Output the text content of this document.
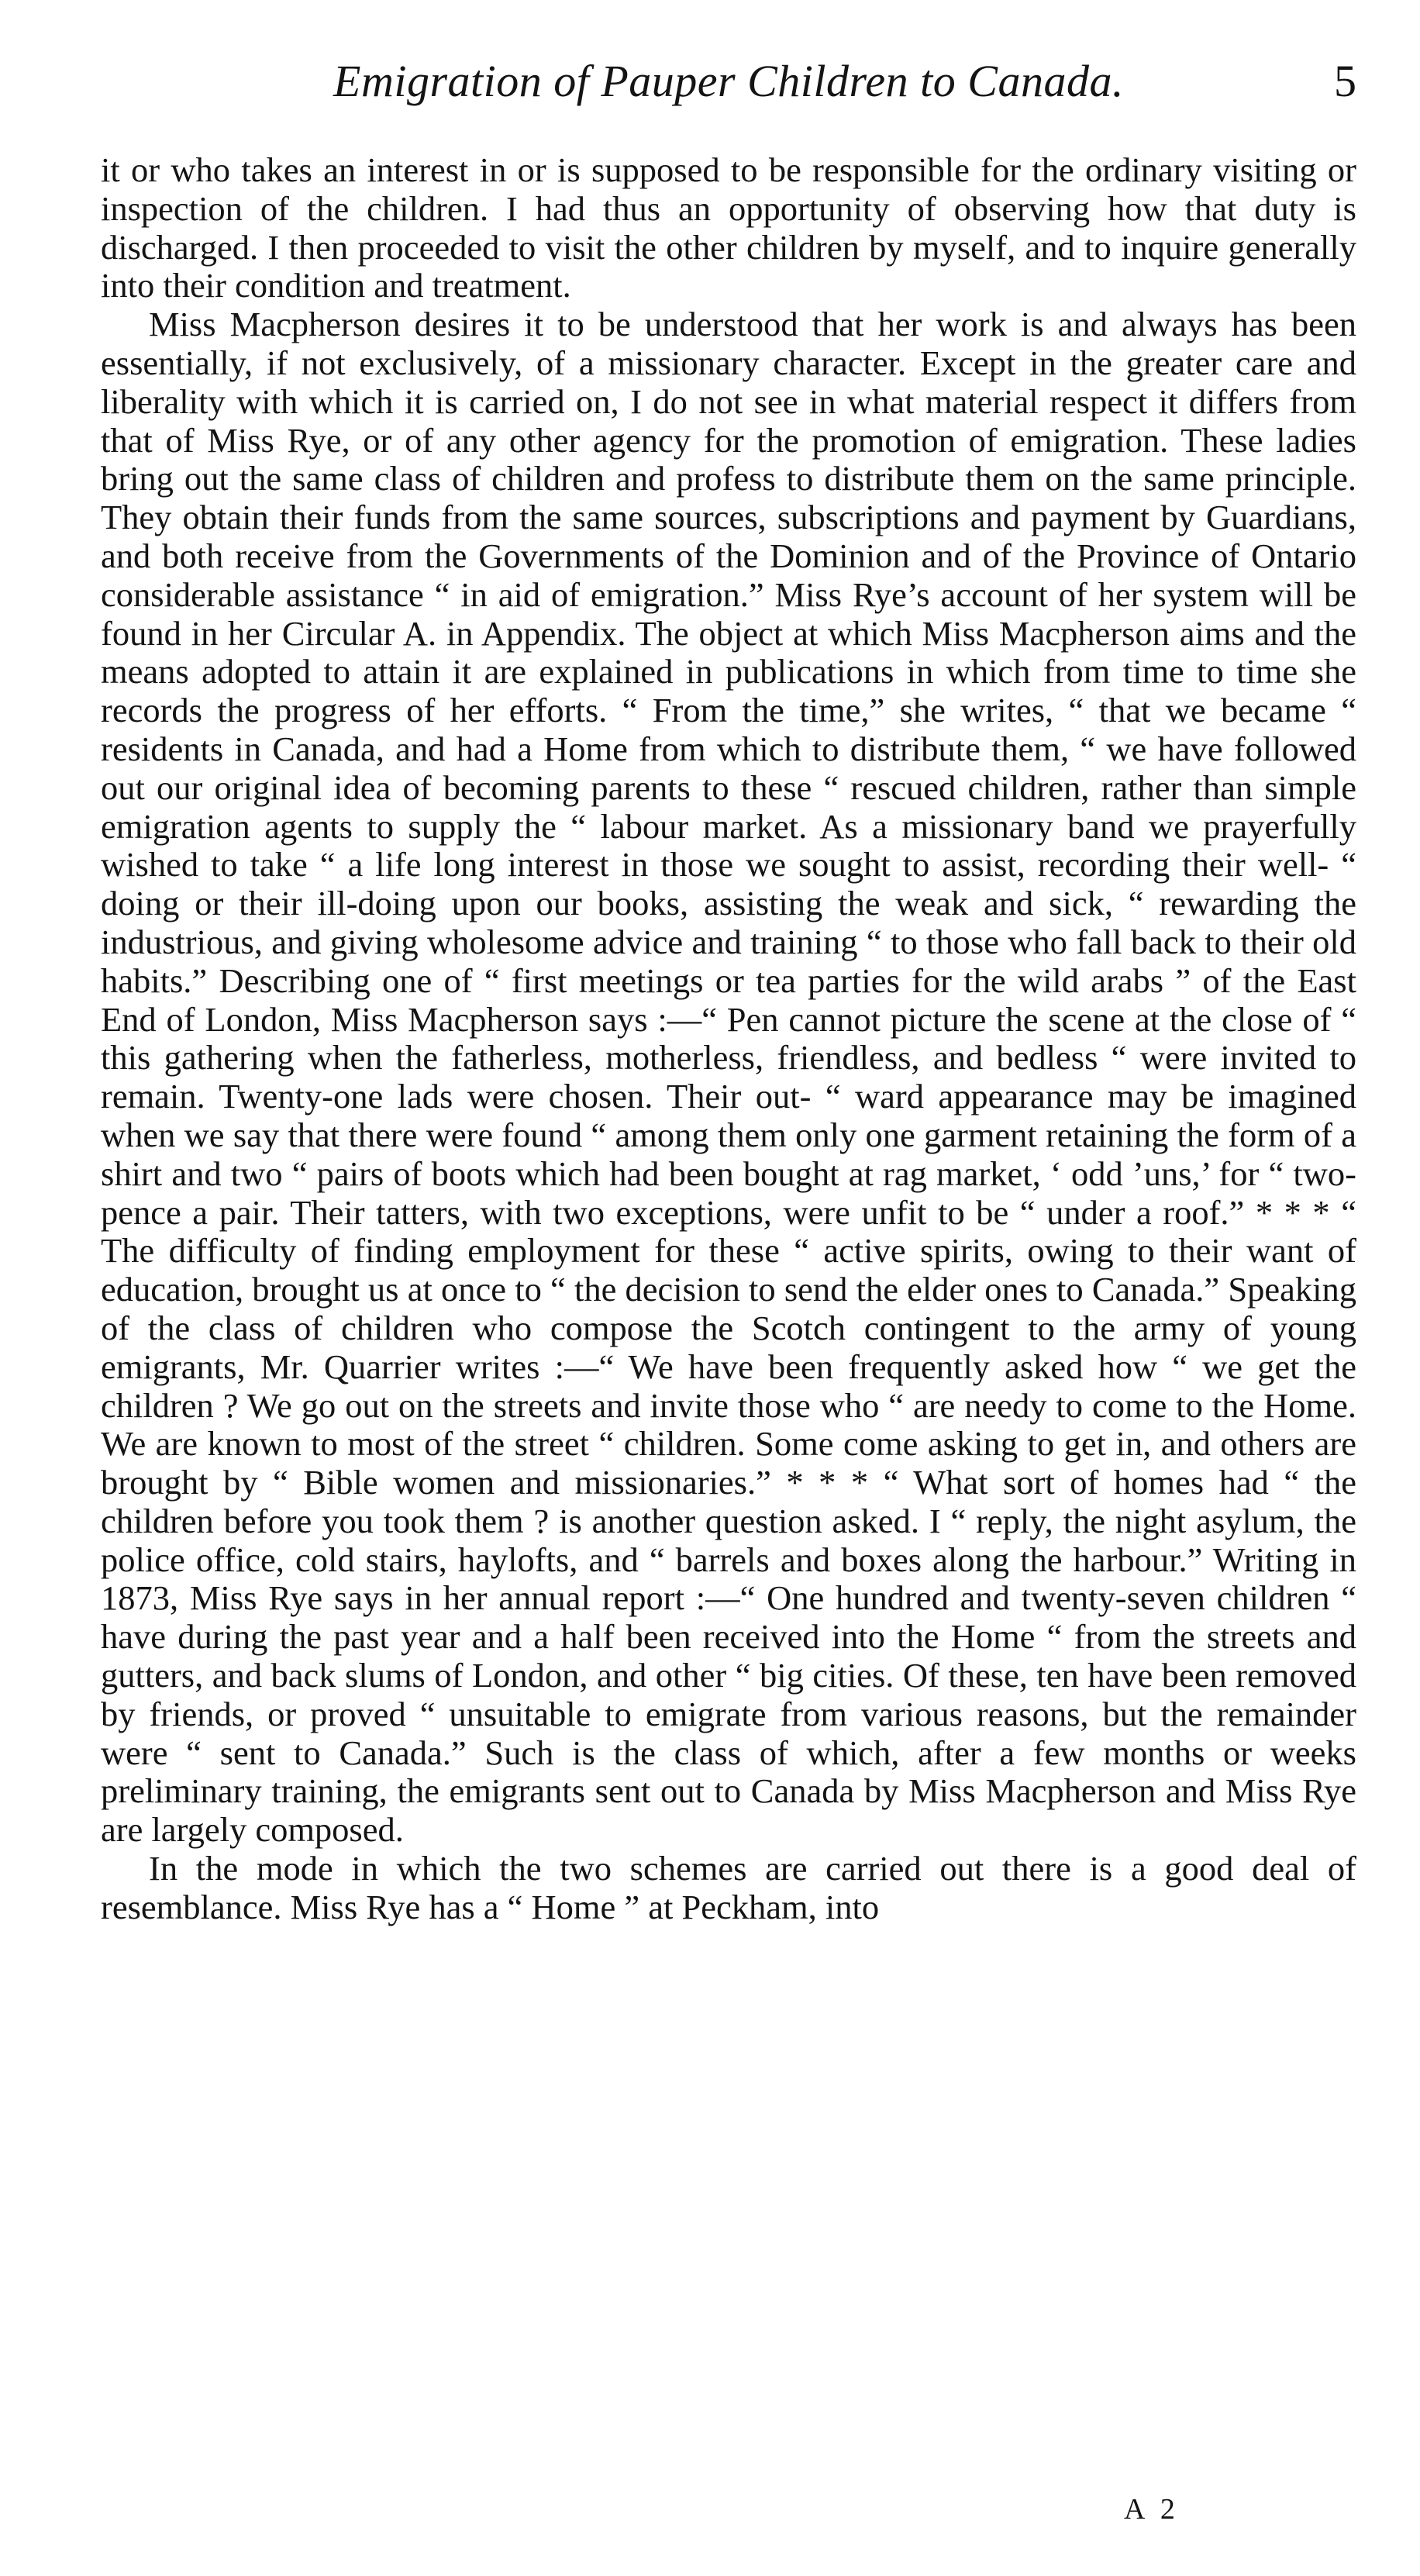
Emigration of Pauper Children to Canada.	5

it or who takes an interest in or is supposed to be responsible for the ordinary visiting or inspection of the children. I had thus an opportunity of observing how that duty is discharged. I then proceeded to visit the other children by myself, and to inquire generally into their condition and treatment.

Miss Macpherson desires it to be understood that her work is and always has been essentially, if not exclusively, of a missionary character. Except in the greater care and liberality with which it is carried on, I do not see in what material respect it differs from that of Miss Rye, or of any other agency for the promotion of emigration. These ladies bring out the same class of children and profess to distribute them on the same principle. They obtain their funds from the same sources, subscriptions and payment by Guardians, and both receive from the Governments of the Dominion and of the Province of Ontario considerable assistance “ in aid of emigration.” Miss Rye’s account of her system will be found in her Circular A. in Appendix. The object at which Miss Macpherson aims and the means adopted to attain it are explained in publications in which from time to time she records the progress of her efforts. “ From the time,” she writes, “ that we became “ residents in Canada, and had a Home from which to distribute them, “ we have followed out our original idea of becoming parents to these “ rescued children, rather than simple emigration agents to supply the “ labour market. As a missionary band we prayerfully wished to take “ a life long interest in those we sought to assist, recording their well- “ doing or their ill-doing upon our books, assisting the weak and sick, “ rewarding the industrious, and giving wholesome advice and training “ to those who fall back to their old habits.” Describing one of “ first meetings or tea parties for the wild arabs ” of the East End of London, Miss Macpherson says :—“ Pen cannot picture the scene at the close of “ this gathering when the fatherless, motherless, friendless, and bedless “ were invited to remain. Twenty-one lads were chosen. Their out- “ ward appearance may be imagined when we say that there were found “ among them only one garment retaining the form of a shirt and two “ pairs of boots which had been bought at rag market, ‘ odd ’uns,’ for “ two-pence a pair. Their tatters, with two exceptions, were unfit to be “ under a roof.” * * * “ The difficulty of finding employment for these “ active spirits, owing to their want of education, brought us at once to “ the decision to send the elder ones to Canada.” Speaking of the class of children who compose the Scotch contingent to the army of young emigrants, Mr. Quarrier writes :—“ We have been frequently asked how “ we get the children ? We go out on the streets and invite those who “ are needy to come to the Home. We are known to most of the street “ children. Some come asking to get in, and others are brought by “ Bible women and missionaries.” * * * “ What sort of homes had “ the children before you took them ? is another question asked. I “ reply, the night asylum, the police office, cold stairs, haylofts, and “ barrels and boxes along the harbour.” Writing in 1873, Miss Rye says in her annual report :—“ One hundred and twenty-seven children “ have during the past year and a half been received into the Home “ from the streets and gutters, and back slums of London, and other “ big cities. Of these, ten have been removed by friends, or proved “ unsuitable to emigrate from various reasons, but the remainder were “ sent to Canada.” Such is the class of which, after a few months or weeks preliminary training, the emigrants sent out to Canada by Miss Macpherson and Miss Rye are largely composed.

In the mode in which the two schemes are carried out there is a good deal of resemblance. Miss Rye has a “ Home ” at Peckham, into

A 2
